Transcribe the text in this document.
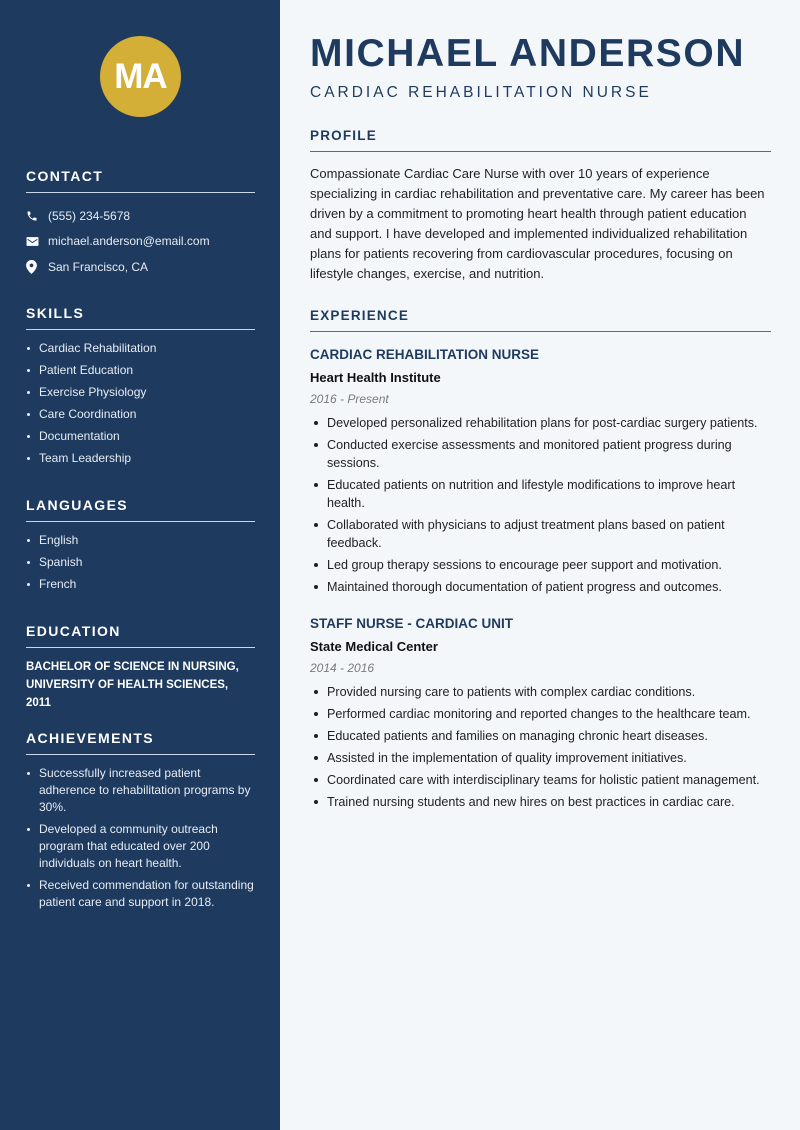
MA
CONTACT
(555) 234-5678
michael.anderson@email.com
San Francisco, CA
SKILLS
Cardiac Rehabilitation
Patient Education
Exercise Physiology
Care Coordination
Documentation
Team Leadership
LANGUAGES
English
Spanish
French
EDUCATION
BACHELOR OF SCIENCE IN NURSING,
UNIVERSITY OF HEALTH SCIENCES, 2011
ACHIEVEMENTS
Successfully increased patient adherence to rehabilitation programs by 30%.
Developed a community outreach program that educated over 200 individuals on heart health.
Received commendation for outstanding patient care and support in 2018.
MICHAEL ANDERSON
CARDIAC REHABILITATION NURSE
PROFILE

Compassionate Cardiac Care Nurse with over 10 years of experience specializing in cardiac rehabilitation and preventative care. My career has been driven by a commitment to promoting heart health through patient education and support. I have developed and implemented individualized rehabilitation plans for patients recovering from cardiovascular procedures, focusing on lifestyle changes, exercise, and nutrition.

EXPERIENCE
CARDIAC REHABILITATION NURSE
Heart Health Institute
2016 - Present
Developed personalized rehabilitation plans for post-cardiac surgery patients.
Conducted exercise assessments and monitored patient progress during sessions.
Educated patients on nutrition and lifestyle modifications to improve heart health.
Collaborated with physicians to adjust treatment plans based on patient feedback.
Led group therapy sessions to encourage peer support and motivation.
Maintained thorough documentation of patient progress and outcomes.
STAFF NURSE - CARDIAC UNIT
State Medical Center
2014 - 2016
Provided nursing care to patients with complex cardiac conditions.
Performed cardiac monitoring and reported changes to the healthcare team.
Educated patients and families on managing chronic heart diseases.
Assisted in the implementation of quality improvement initiatives.
Coordinated care with interdisciplinary teams for holistic patient management.
Trained nursing students and new hires on best practices in cardiac care.
